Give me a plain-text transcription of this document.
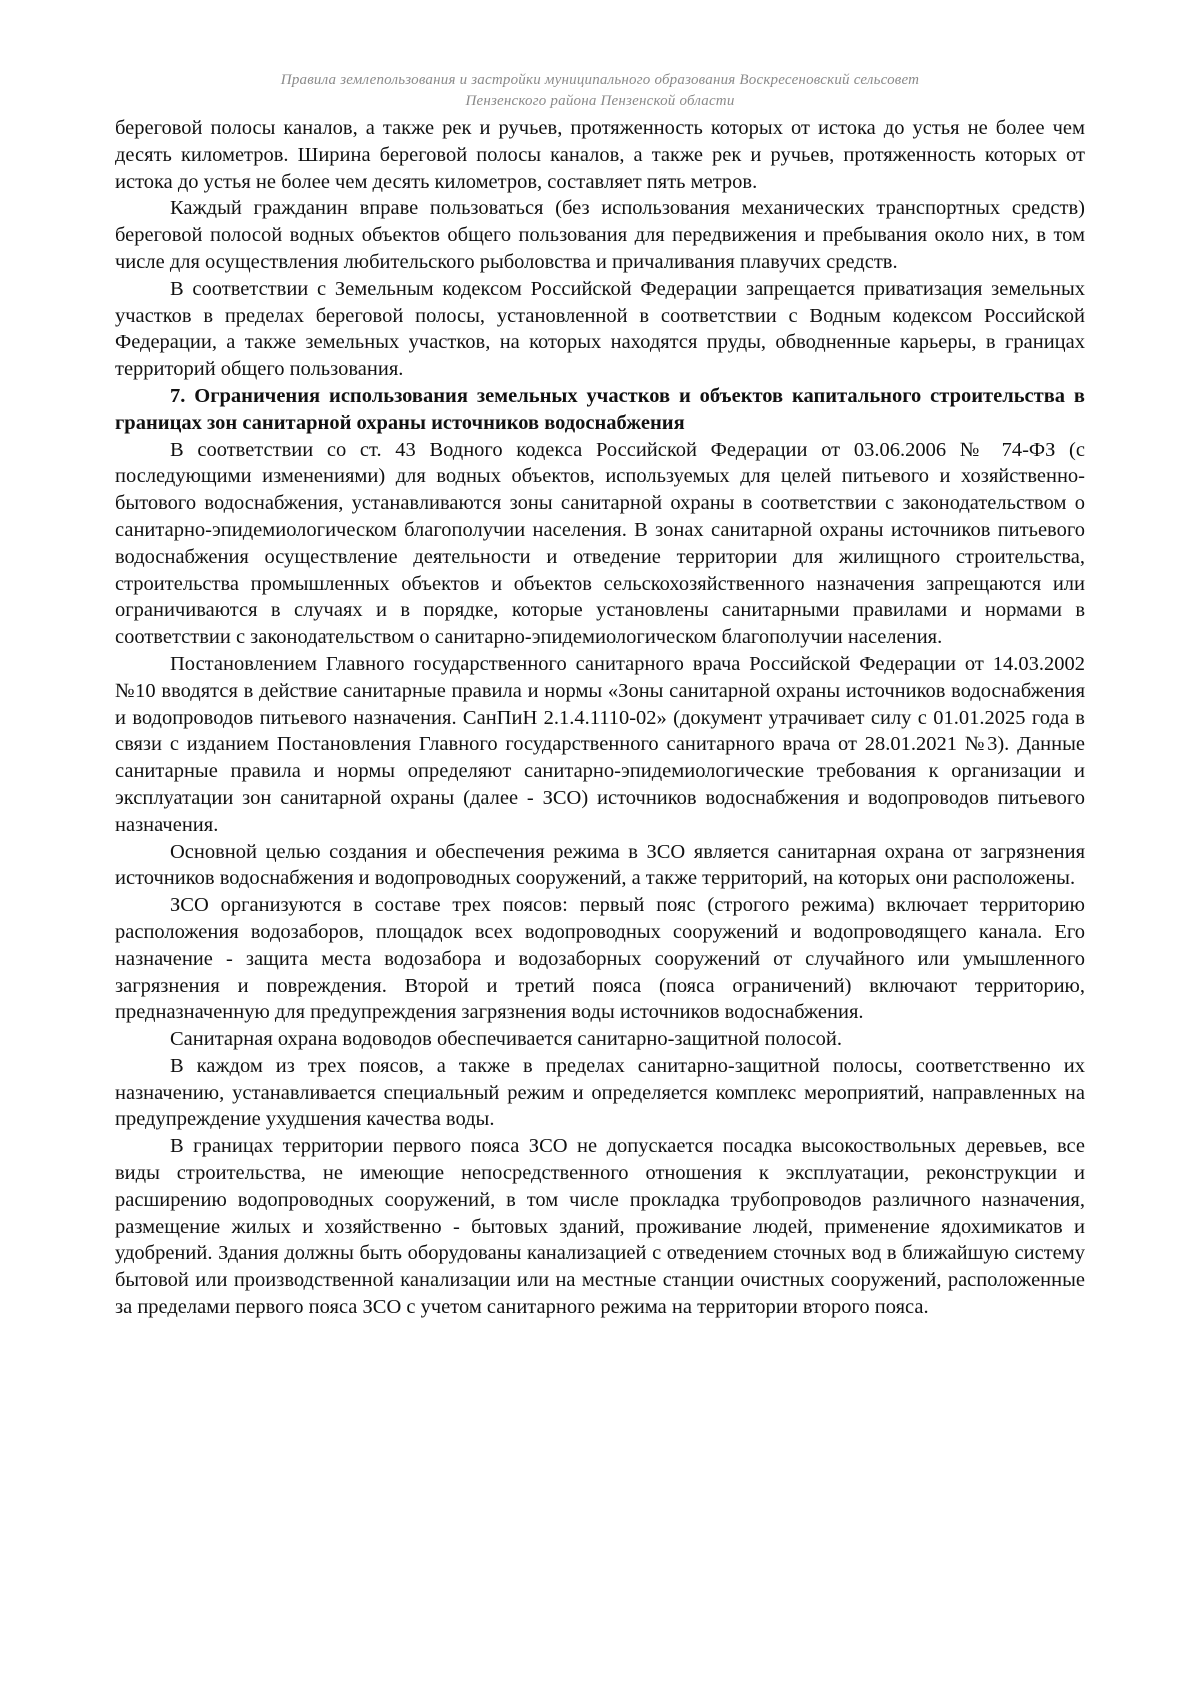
Правила землепользования и застройки муниципального образования Воскресеновский сельсовет
Пензенского района Пензенской области

береговой полосы каналов, а также рек и ручьев, протяженность которых от истока до устья не более чем десять километров. Ширина береговой полосы каналов, а также рек и ручьев, протяженность которых от истока до устья не более чем десять километров, составляет пять метров.

Каждый гражданин вправе пользоваться (без использования механических транспортных средств) береговой полосой водных объектов общего пользования для передвижения и пребывания около них, в том числе для осуществления любительского рыболовства и причаливания плавучих средств.

В соответствии с Земельным кодексом Российской Федерации запрещается приватизация земельных участков в пределах береговой полосы, установленной в соответствии с Водным кодексом Российской Федерации, а также земельных участков, на которых находятся пруды, обводненные карьеры, в границах территорий общего пользования.

7. Ограничения использования земельных участков и объектов капитального строительства в границах зон санитарной охраны источников водоснабжения

В соответствии со ст. 43 Водного кодекса Российской Федерации от 03.06.2006 № 74-ФЗ (с последующими изменениями) для водных объектов, используемых для целей питьевого и хозяйственно-бытового водоснабжения, устанавливаются зоны санитарной охраны в соответствии с законодательством о санитарно-эпидемиологическом благополучии населения. В зонах санитарной охраны источников питьевого водоснабжения осуществление деятельности и отведение территории для жилищного строительства, строительства промышленных объектов и объектов сельскохозяйственного назначения запрещаются или ограничиваются в случаях и в порядке, которые установлены санитарными правилами и нормами в соответствии с законодательством о санитарно-эпидемиологическом благополучии населения.

Постановлением Главного государственного санитарного врача Российской Федерации от 14.03.2002 №10 вводятся в действие санитарные правила и нормы «Зоны санитарной охраны источников водоснабжения и водопроводов питьевого назначения. СанПиН 2.1.4.1110-02» (документ утрачивает силу с 01.01.2025 года в связи с изданием Постановления Главного государственного санитарного врача от 28.01.2021 №3). Данные санитарные правила и нормы определяют санитарно-эпидемиологические требования к организации и эксплуатации зон санитарной охраны (далее - ЗСО) источников водоснабжения и водопроводов питьевого назначения.

Основной целью создания и обеспечения режима в ЗСО является санитарная охрана от загрязнения источников водоснабжения и водопроводных сооружений, а также территорий, на которых они расположены.

ЗСО организуются в составе трех поясов: первый пояс (строгого режима) включает территорию расположения водозаборов, площадок всех водопроводных сооружений и водопроводящего канала. Его назначение - защита места водозабора и водозаборных сооружений от случайного или умышленного загрязнения и повреждения. Второй и третий пояса (пояса ограничений) включают территорию, предназначенную для предупреждения загрязнения воды источников водоснабжения.

Санитарная охрана водоводов обеспечивается санитарно-защитной полосой.

В каждом из трех поясов, а также в пределах санитарно-защитной полосы, соответственно их назначению, устанавливается специальный режим и определяется комплекс мероприятий, направленных на предупреждение ухудшения качества воды.

В границах территории первого пояса ЗСО не допускается посадка высокоствольных деревьев, все виды строительства, не имеющие непосредственного отношения к эксплуатации, реконструкции и расширению водопроводных сооружений, в том числе прокладка трубопроводов различного назначения, размещение жилых и хозяйственно - бытовых зданий, проживание людей, применение ядохимикатов и удобрений. Здания должны быть оборудованы канализацией с отведением сточных вод в ближайшую систему бытовой или производственной канализации или на местные станции очистных сооружений, расположенные за пределами первого пояса ЗСО с учетом санитарного режима на территории второго пояса.
